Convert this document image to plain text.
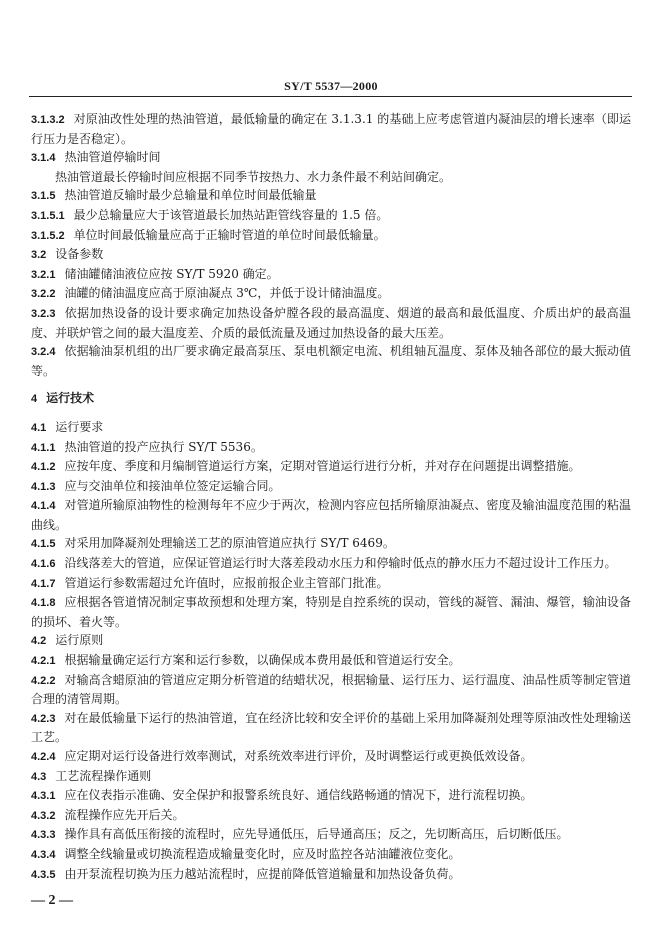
SY/T 5537—2000

3.1.3.2 对原油改性处理的热油管道，最低输量的确定在 3.1.3.1 的基础上应考虑管道内凝油层的增长速率（即运行压力是否稳定）。

3.1.4 热油管道停输时间

热油管道最长停输时间应根据不同季节按热力、水力条件最不利站间确定。

3.1.5 热油管道反输时最少总输量和单位时间最低输量

3.1.5.1 最少总输量应大于该管道最长加热站距管线容量的 1.5 倍。

3.1.5.2 单位时间最低输量应高于正输时管道的单位时间最低输量。

3.2 设备参数

3.2.1 储油罐储油液位应按 SY/T 5920 确定。

3.2.2 油罐的储油温度应高于原油凝点 3℃，并低于设计储油温度。

3.2.3 依据加热设备的设计要求确定加热设备炉膛各段的最高温度、烟道的最高和最低温度、介质出炉的最高温度、并联炉管之间的最大温度差、介质的最低流量及通过加热设备的最大压差。

3.2.4 依据输油泵机组的出厂要求确定最高泵压、泵电机额定电流、机组轴瓦温度、泵体及轴各部位的最大振动值等。

4 运行技术

4.1 运行要求

4.1.1 热油管道的投产应执行 SY/T 5536。

4.1.2 应按年度、季度和月编制管道运行方案，定期对管道运行进行分析，并对存在问题提出调整措施。

4.1.3 应与交油单位和接油单位签定运输合同。

4.1.4 对管道所输原油物性的检测每年不应少于两次，检测内容应包括所输原油凝点、密度及输油温度范围的粘温曲线。

4.1.5 对采用加降凝剂处理输送工艺的原油管道应执行 SY/T 6469。

4.1.6 沿线落差大的管道，应保证管道运行时大落差段动水压力和停输时低点的静水压力不超过设计工作压力。

4.1.7 管道运行参数需超过允许值时，应报前报企业主管部门批准。

4.1.8 应根据各管道情况制定事故预想和处理方案，特别是自控系统的误动，管线的凝管、漏油、爆管，输油设备的损坏、着火等。

4.2 运行原则

4.2.1 根据输量确定运行方案和运行参数，以确保成本费用最低和管道运行安全。

4.2.2 对输高含蜡原油的管道应定期分析管道的结蜡状况，根据输量、运行压力、运行温度、油品性质等制定管道合理的清管周期。

4.2.3 对在最低输量下运行的热油管道，宜在经济比较和安全评价的基础上采用加降凝剂处理等原油改性处理输送工艺。

4.2.4 应定期对运行设备进行效率测试，对系统效率进行评价，及时调整运行或更换低效设备。

4.3 工艺流程操作通则

4.3.1 应在仪表指示准确、安全保护和报警系统良好、通信线路畅通的情况下，进行流程切换。

4.3.2 流程操作应先开后关。

4.3.3 操作具有高低压衔接的流程时，应先导通低压，后导通高压；反之，先切断高压，后切断低压。

4.3.4 调整全线输量或切换流程造成输量变化时，应及时监控各站油罐液位变化。

4.3.5 由开泵流程切换为压力越站流程时，应提前降低管道输量和加热设备负荷。

— 2 —
